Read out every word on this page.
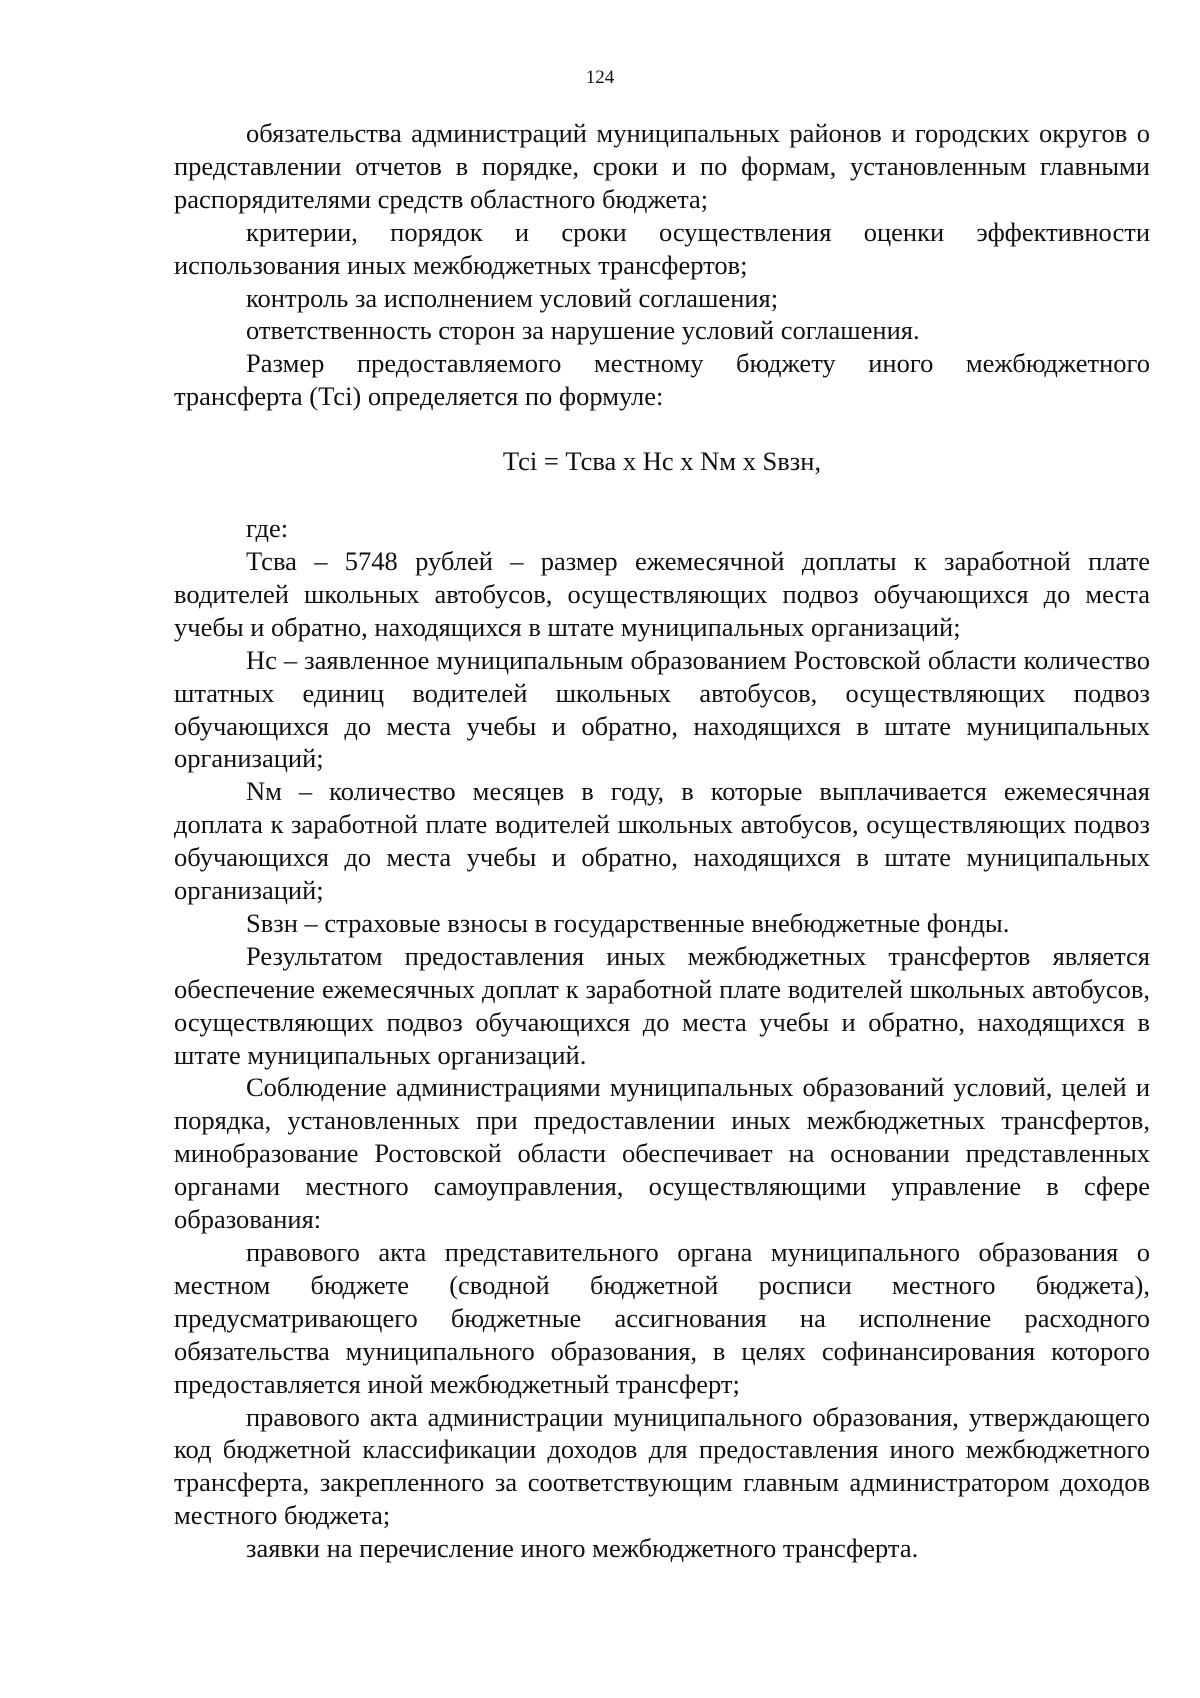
124

обязательства администраций муниципальных районов и городских округов о представлении отчетов в порядке, сроки и по формам, установленным главными распорядителями средств областного бюджета;

критерии, порядок и сроки осуществления оценки эффективности использования иных межбюджетных трансфертов;

контроль за исполнением условий соглашения;

ответственность сторон за нарушение условий соглашения.

Размер предоставляемого местному бюджету иного межбюджетного трансферта (Тсi) определяется по формуле:

Тсi = Тсва х Нс х Nм х Sвзн,

где:

Тсва – 5748 рублей – размер ежемесячной доплаты к заработной плате водителей школьных автобусов, осуществляющих подвоз обучающихся до места учебы и обратно, находящихся в штате муниципальных организаций;

Нс – заявленное муниципальным образованием Ростовской области количество штатных единиц водителей школьных автобусов, осуществляющих подвоз обучающихся до места учебы и обратно, находящихся в штате муниципальных организаций;

Nм – количество месяцев в году, в которые выплачивается ежемесячная доплата к заработной плате водителей школьных автобусов, осуществляющих подвоз обучающихся до места учебы и обратно, находящихся в штате муниципальных организаций;

Sвзн – страховые взносы в государственные внебюджетные фонды.

Результатом предоставления иных межбюджетных трансфертов является обеспечение ежемесячных доплат к заработной плате водителей школьных автобусов, осуществляющих подвоз обучающихся до места учебы и обратно, находящихся в штате муниципальных организаций.

Соблюдение администрациями муниципальных образований условий, целей и порядка, установленных при предоставлении иных межбюджетных трансфертов, минобразование Ростовской области обеспечивает на основании представленных органами местного самоуправления, осуществляющими управление в сфере образования:

правового акта представительного органа муниципального образования о местном бюджете (сводной бюджетной росписи местного бюджета), предусматривающего бюджетные ассигнования на исполнение расходного обязательства муниципального образования, в целях софинансирования которого предоставляется иной межбюджетный трансферт;

правового акта администрации муниципального образования, утверждающего код бюджетной классификации доходов для предоставления иного межбюджетного трансферта, закрепленного за соответствующим главным администратором доходов местного бюджета;

заявки на перечисление иного межбюджетного трансферта.
